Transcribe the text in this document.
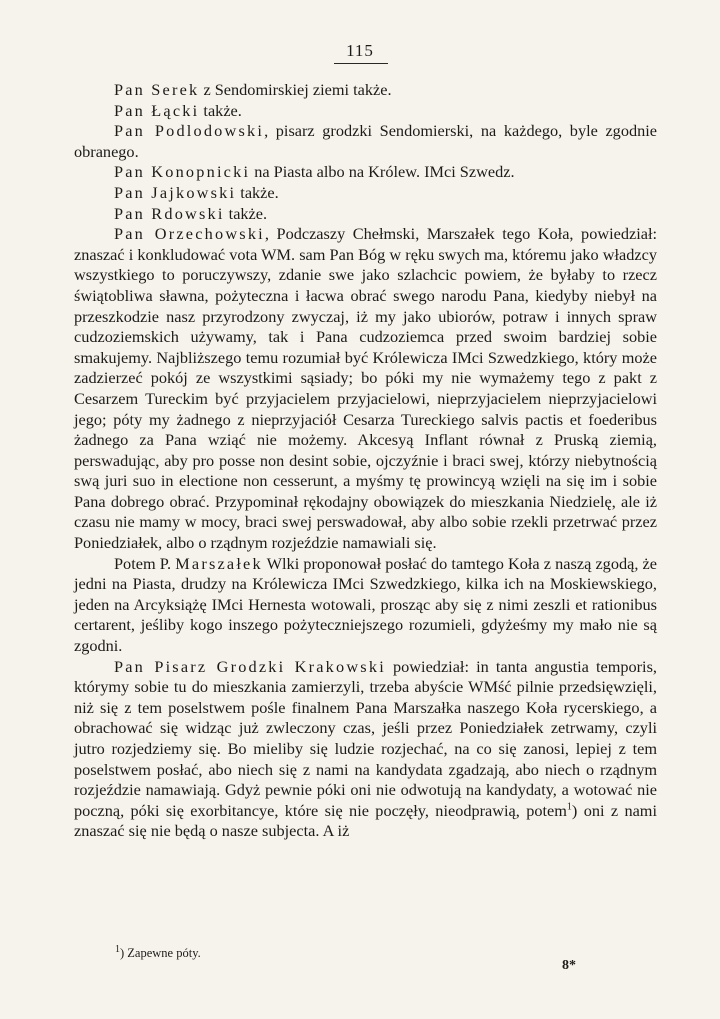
115

Pan Serek z Sendomirskiej ziemi także.

Pan Łącki także.

Pan Podlodowski, pisarz grodzki Sendomierski, na każdego, byle zgodnie obranego.

Pan Konopnicki na Piasta albo na Królew. IMci Szwedz.

Pan Jajkowski także.

Pan Rdowski także.

Pan Orzechowski, Podczaszy Chełmski, Marszałek tego Koła, powiedział: znaszać i konkludować vota WM. sam Pan Bóg w ręku swych ma, któremu jako władzcy wszystkiego to poruczywszy, zdanie swe jako szlachcic powiem, że byłaby to rzecz świątobliwa sławna, pożyteczna i łacwa obrać swego narodu Pana, kiedyby niebył na przeszkodzie nasz przyrodzony zwyczaj, iż my jako ubiorów, potraw i innych spraw cudzoziemskich używamy, tak i Pana cudzoziemca przed swoim bardziej sobie smakujemy. Najbliższego temu rozumiał być Królewicza IMci Szwedzkiego, który może zadzierzeć pokój ze wszystkimi sąsiady; bo póki my nie wymażemy tego z pakt z Cesarzem Tureckim być przyjacielem przyjacielowi, nieprzyjacielem nieprzyjacielowi jego; póty my żadnego z nieprzyjaciół Cesarza Tureckiego salvis pactis et foederibus żadnego za Pana wziąć nie możemy. Akcesyą Inflant równał z Pruską ziemią, perswadując, aby pro posse non desint sobie, ojczyźnie i braci swej, którzy niebytnością swą juri suo in electione non cesserunt, a myśmy tę prowincyą wzięli na się im i sobie Pana dobrego obrać. Przypominał rękodajny obowiązek do mieszkania Niedzielę, ale iż czasu nie mamy w mocy, braci swej perswadował, aby albo sobie rzekli przetrwać przez Poniedziałek, albo o rządnym rozjeździe namawiali się.

Potem P. Marszałek Wlki proponował posłać do tamtego Koła z naszą zgodą, że jedni na Piasta, drudzy na Królewicza IMci Szwedzkiego, kilka ich na Moskiewskiego, jeden na Arcyksiążę IMci Hernesta wotowali, prosząc aby się z nimi zeszli et rationibus certarent, jeśliby kogo inszego pożyteczniejszego rozumieli, gdyżeśmy my mało nie są zgodni.

Pan Pisarz Grodzki Krakowski powiedział: in tanta angustia temporis, którymy sobie tu do mieszkania zamierzyli, trzeba abyście WMść pilnie przedsięwzięli, niż się z tem poselstwem pośle finalnem Pana Marszałka naszego Koła rycerskiego, a obrachować się widząc już zwleczony czas, jeśli przez Poniedziałek zetrwamy, czyli jutro rozjedziemy się. Bo mieliby się ludzie rozjechać, na co się zanosi, lepiej z tem poselstwem posłać, abo niech się z nami na kandydata zgadzają, abo niech o rządnym rozjeździe namawiają. Gdyż pewnie póki oni nie odwotują na kandydaty, a wotować nie poczną, póki się exorbitancye, które się nie poczęły, nieodprawią, potem$^1$) oni z nami znaszać się nie będą o nasze subjecta. A iż

$^1$) Zapewne póty.
8*
